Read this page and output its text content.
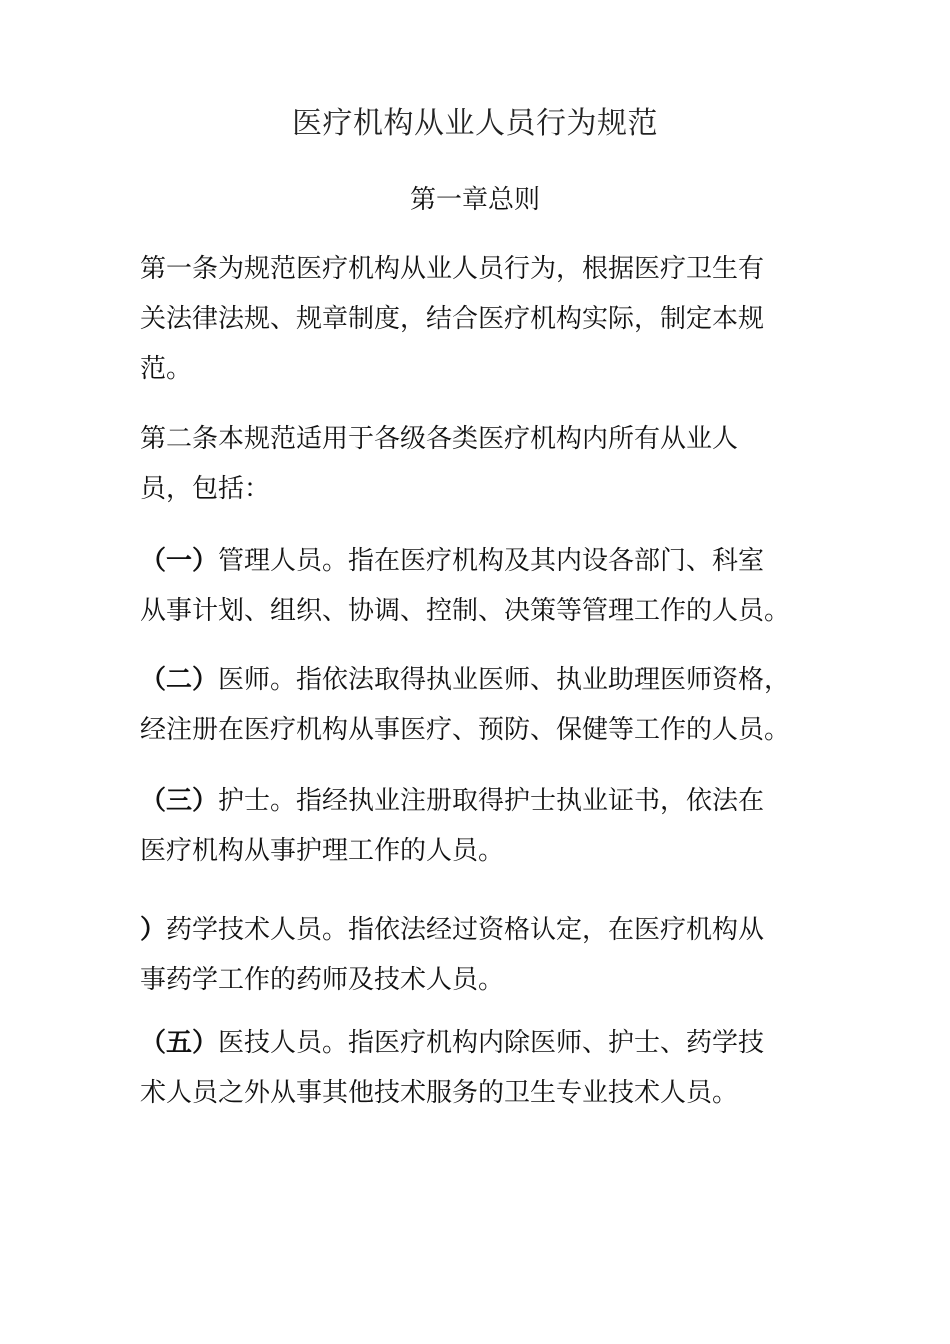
医疗机构从业人员行为规范
第一章总则

第一条为规范医疗机构从业人员行为，根据医疗卫生有
关法律法规、规章制度，结合医疗机构实际，制定本规
范。

第二条本规范适用于各级各类医疗机构内所有从业人
员，包括：

（一）管理人员。指在医疗机构及其内设各部门、科室
从事计划、组织、协调、控制、决策等管理工作的人员。

（二）医师。指依法取得执业医师、执业助理医师资格，
经注册在医疗机构从事医疗、预防、保健等工作的人员。

（三）护士。指经执业注册取得护士执业证书，依法在
医疗机构从事护理工作的人员。

）药学技术人员。指依法经过资格认定，在医疗机构从
事药学工作的药师及技术人员。

（五）医技人员。指医疗机构内除医师、护士、药学技
术人员之外从事其他技术服务的卫生专业技术人员。
